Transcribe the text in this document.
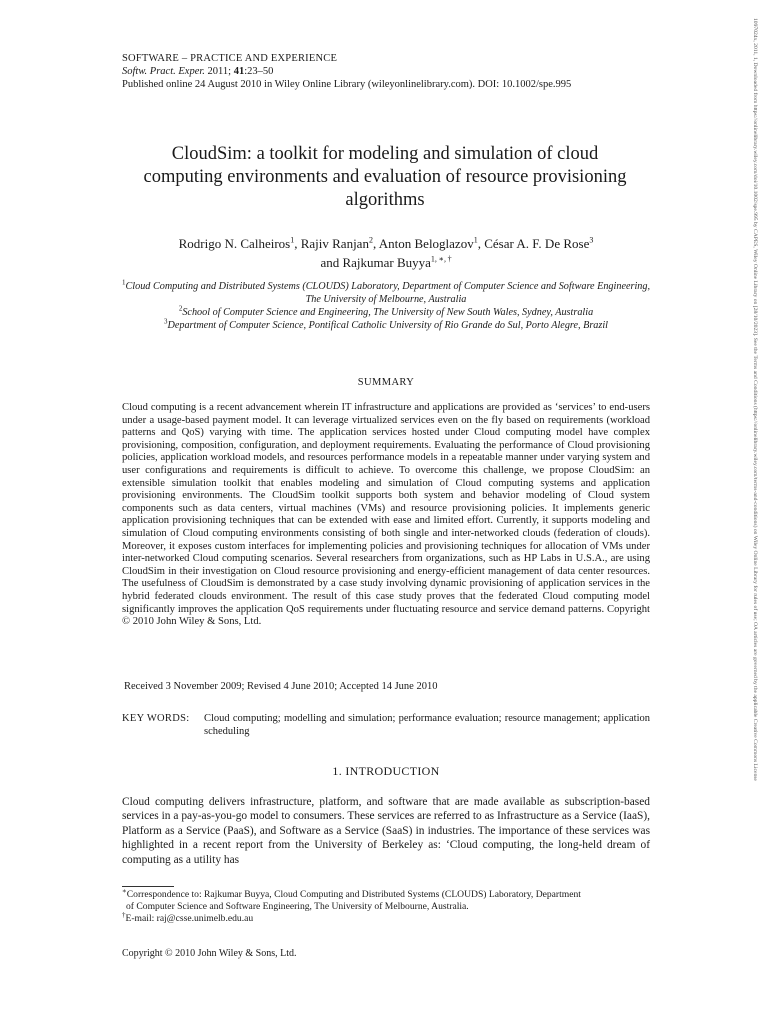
SOFTWARE – PRACTICE AND EXPERIENCE
Softw. Pract. Exper. 2011; 41:23–50
Published online 24 August 2010 in Wiley Online Library (wileyonlinelibrary.com). DOI: 10.1002/spe.995
CloudSim: a toolkit for modeling and simulation of cloud computing environments and evaluation of resource provisioning algorithms
Rodrigo N. Calheiros$^1$, Rajiv Ranjan$^2$, Anton Beloglazov$^1$, César A. F. De Rose$^3$
and Rajkumar Buyya$^{1, ∗, \dagger}$
$^1$Cloud Computing and Distributed Systems (CLOUDS) Laboratory, Department of Computer Science and Software Engineering, The University of Melbourne, Australia
$^2$School of Computer Science and Engineering, The University of New South Wales, Sydney, Australia
$^3$Department of Computer Science, Pontifical Catholic University of Rio Grande do Sul, Porto Alegre, Brazil
SUMMARY

Cloud computing is a recent advancement wherein IT infrastructure and applications are provided as ‘services’ to end-users under a usage-based payment model. It can leverage virtualized services even on the fly based on requirements (workload patterns and QoS) varying with time. The application services hosted under Cloud computing model have complex provisioning, composition, configuration, and deployment requirements. Evaluating the performance of Cloud provisioning policies, application workload models, and resources performance models in a repeatable manner under varying system and user configurations and requirements is difficult to achieve. To overcome this challenge, we propose CloudSim: an extensible simulation toolkit that enables modeling and simulation of Cloud computing systems and application provisioning environments. The CloudSim toolkit supports both system and behavior modeling of Cloud system components such as data centers, virtual machines (VMs) and resource provisioning policies. It implements generic application provisioning techniques that can be extended with ease and limited effort. Currently, it supports modeling and simulation of Cloud computing environments consisting of both single and inter-networked clouds (federation of clouds). Moreover, it exposes custom interfaces for implementing policies and provisioning techniques for allocation of VMs under inter-networked Cloud computing scenarios. Several researchers from organizations, such as HP Labs in U.S.A., are using CloudSim in their investigation on Cloud resource provisioning and energy-efficient management of data center resources. The usefulness of CloudSim is demonstrated by a case study involving dynamic provisioning of application services in the hybrid federated clouds environment. The result of this case study proves that the federated Cloud computing model significantly improves the application QoS requirements under fluctuating resource and service demand patterns. Copyright © 2010 John Wiley & Sons, Ltd.

Received 3 November 2009; Revised 4 June 2010; Accepted 14 June 2010
KEY WORDS:	Cloud computing; modelling and simulation; performance evaluation; resource management; application scheduling
1. INTRODUCTION

Cloud computing delivers infrastructure, platform, and software that are made available as subscription-based services in a pay-as-you-go model to consumers. These services are referred to as Infrastructure as a Service (IaaS), Platform as a Service (PaaS), and Software as a Service (SaaS) in industries. The importance of these services was highlighted in a recent report from the University of Berkeley as: ‘Cloud computing, the long-held dream of computing as a utility has

∗Correspondence to: Rajkumar Buyya, Cloud Computing and Distributed Systems (CLOUDS) Laboratory, Department
of Computer Science and Software Engineering, The University of Melbourne, Australia.
†E-mail: raj@csse.unimelb.edu.au
Copyright © 2010 John Wiley & Sons, Ltd.
1097024x, 2011, 1, Downloaded from https://onlinelibrary.wiley.com/doi/10.1002/spe.995 by CAPES, Wiley Online Library on [28/10/2023]. See the Terms and Conditions (https://onlinelibrary.wiley.com/terms-and-conditions) on Wiley Online Library for rules of use; OA articles are governed by the applicable Creative Commons License
